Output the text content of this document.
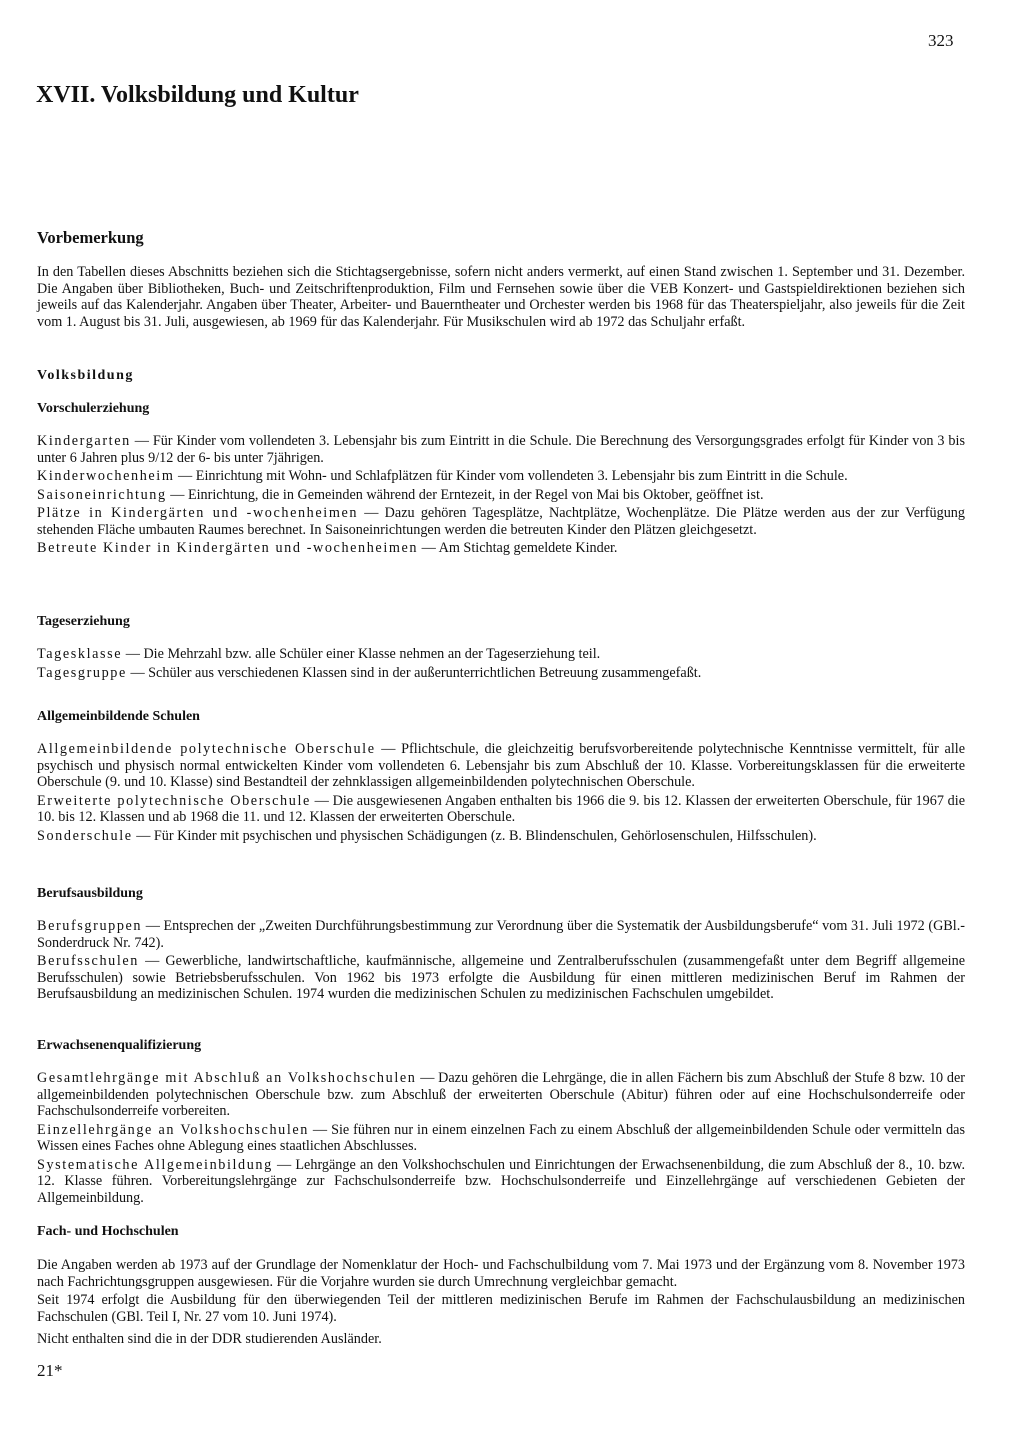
323
XVII. Volksbildung und Kultur
Vorbemerkung

In den Tabellen dieses Abschnitts beziehen sich die Stichtagsergebnisse, sofern nicht anders vermerkt, auf einen Stand zwischen 1. September und 31. Dezember. Die Angaben über Bibliotheken, Buch- und Zeitschriftenproduktion, Film und Fernsehen sowie über die VEB Konzert- und Gastspieldirektionen beziehen sich jeweils auf das Kalenderjahr. Angaben über Theater, Arbeiter- und Bauerntheater und Orchester werden bis 1968 für das Theaterspieljahr, also jeweils für die Zeit vom 1. August bis 31. Juli, ausgewiesen, ab 1969 für das Kalenderjahr. Für Musikschulen wird ab 1972 das Schuljahr erfaßt.

Volksbildung
Vorschulerziehung

Kindergarten — Für Kinder vom vollendeten 3. Lebensjahr bis zum Eintritt in die Schule. Die Berechnung des Versorgungsgrades erfolgt für Kinder von 3 bis unter 6 Jahren plus 9/12 der 6- bis unter 7jährigen.

Kinderwochenheim — Einrichtung mit Wohn- und Schlafplätzen für Kinder vom vollendeten 3. Lebensjahr bis zum Eintritt in die Schule.

Saisoneinrichtung — Einrichtung, die in Gemeinden während der Erntezeit, in der Regel von Mai bis Oktober, geöffnet ist.

Plätze in Kindergärten und -wochenheimen — Dazu gehören Tagesplätze, Nachtplätze, Wochenplätze. Die Plätze werden aus der zur Verfügung stehenden Fläche umbauten Raumes berechnet. In Saisoneinrichtungen werden die betreuten Kinder den Plätzen gleichgesetzt.

Betreute Kinder in Kindergärten und -wochenheimen — Am Stichtag gemeldete Kinder.

Tageserziehung

Tagesklasse — Die Mehrzahl bzw. alle Schüler einer Klasse nehmen an der Tageserziehung teil.

Tagesgruppe — Schüler aus verschiedenen Klassen sind in der außerunterrichtlichen Betreuung zusammengefaßt.

Allgemeinbildende Schulen

Allgemeinbildende polytechnische Oberschule — Pflichtschule, die gleichzeitig berufsvorbereitende polytechnische Kenntnisse vermittelt, für alle psychisch und physisch normal entwickelten Kinder vom vollendeten 6. Lebensjahr bis zum Abschluß der 10. Klasse. Vorbereitungsklassen für die erweiterte Oberschule (9. und 10. Klasse) sind Bestandteil der zehnklassigen allgemeinbildenden polytechnischen Oberschule.

Erweiterte polytechnische Oberschule — Die ausgewiesenen Angaben enthalten bis 1966 die 9. bis 12. Klassen der erweiterten Oberschule, für 1967 die 10. bis 12. Klassen und ab 1968 die 11. und 12. Klassen der erweiterten Oberschule.

Sonderschule — Für Kinder mit psychischen und physischen Schädigungen (z. B. Blindenschulen, Gehörlosenschulen, Hilfsschulen).

Berufsausbildung

Berufsgruppen — Entsprechen der „Zweiten Durchführungsbestimmung zur Verordnung über die Systematik der Ausbildungsberufe“ vom 31. Juli 1972 (GBl.-Sonderdruck Nr. 742).

Berufsschulen — Gewerbliche, landwirtschaftliche, kaufmännische, allgemeine und Zentralberufsschulen (zusammengefaßt unter dem Begriff allgemeine Berufsschulen) sowie Betriebsberufsschulen. Von 1962 bis 1973 erfolgte die Ausbildung für einen mittleren medizinischen Beruf im Rahmen der Berufsausbildung an medizinischen Schulen. 1974 wurden die medizinischen Schulen zu medizinischen Fachschulen umgebildet.

Erwachsenenqualifizierung

Gesamtlehrgänge mit Abschluß an Volkshochschulen — Dazu gehören die Lehrgänge, die in allen Fächern bis zum Abschluß der Stufe 8 bzw. 10 der allgemeinbildenden polytechnischen Oberschule bzw. zum Abschluß der erweiterten Oberschule (Abitur) führen oder auf eine Hochschulsonderreife oder Fachschulsonderreife vorbereiten.

Einzellehrgänge an Volkshochschulen — Sie führen nur in einem einzelnen Fach zu einem Abschluß der allgemeinbildenden Schule oder vermitteln das Wissen eines Faches ohne Ablegung eines staatlichen Abschlusses.

Systematische Allgemeinbildung — Lehrgänge an den Volkshochschulen und Einrichtungen der Erwachsenenbildung, die zum Abschluß der 8., 10. bzw. 12. Klasse führen. Vorbereitungslehrgänge zur Fachschulsonderreife bzw. Hochschulsonderreife und Einzellehrgänge auf verschiedenen Gebieten der Allgemeinbildung.

Fach- und Hochschulen

Die Angaben werden ab 1973 auf der Grundlage der Nomenklatur der Hoch- und Fachschulbildung vom 7. Mai 1973 und der Ergänzung vom 8. November 1973 nach Fachrichtungsgruppen ausgewiesen. Für die Vorjahre wurden sie durch Umrechnung vergleichbar gemacht.

Seit 1974 erfolgt die Ausbildung für den überwiegenden Teil der mittleren medizinischen Berufe im Rahmen der Fachschulausbildung an medizinischen Fachschulen (GBl. Teil I, Nr. 27 vom 10. Juni 1974).

Nicht enthalten sind die in der DDR studierenden Ausländer.

21*
